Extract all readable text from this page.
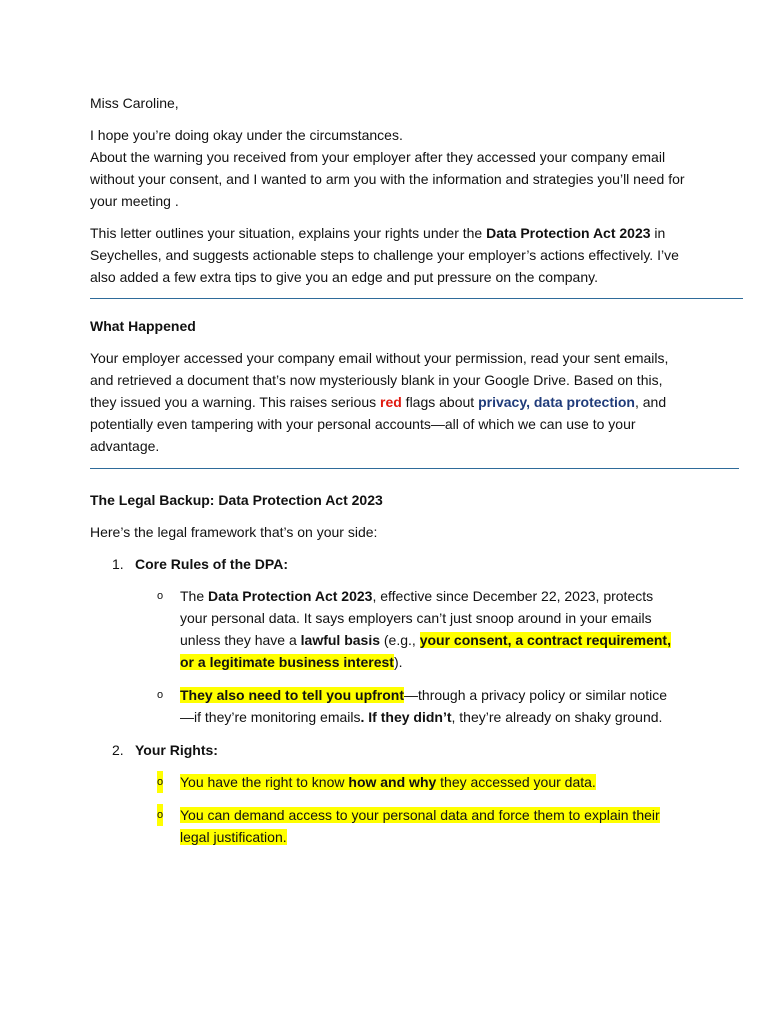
Miss Caroline,

I hope you’re doing okay under the circumstances.

About the warning you received from your employer after they accessed your company email without your consent, and I wanted to arm you with the information and strategies you’ll need for your meeting .

This letter outlines your situation, explains your rights under the Data Protection Act 2023 in Seychelles, and suggests actionable steps to challenge your employer’s actions effectively. I’ve also added a few extra tips to give you an edge and put pressure on the company.

What Happened

Your employer accessed your company email without your permission, read your sent emails, and retrieved a document that’s now mysteriously blank in your Google Drive. Based on this, they issued you a warning. This raises serious red flags about privacy, data protection, and potentially even tampering with your personal accounts—all of which we can use to your advantage.

The Legal Backup: Data Protection Act 2023

Here’s the legal framework that’s on your side:

1. Core Rules of the DPA:
o The Data Protection Act 2023, effective since December 22, 2023, protects your personal data. It says employers can’t just snoop around in your emails unless they have a lawful basis (e.g., your consent, a contract requirement, or a legitimate business interest).
o They also need to tell you upfront—through a privacy policy or similar notice—if they’re monitoring emails. If they didn’t, they’re already on shaky ground.
2. Your Rights:
o You have the right to know how and why they accessed your data.
o You can demand access to your personal data and force them to explain their legal justification.
